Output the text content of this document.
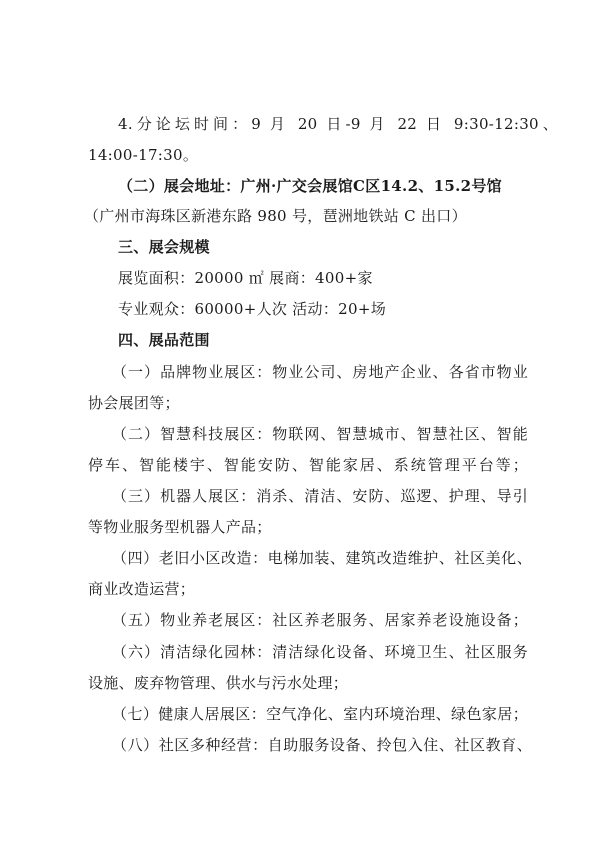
4.分论坛时间：9 月 20 日-9 月 22 日 9:30-12:30、
14:00-17:30。
（二）展会地址：广州·广交会展馆C区14.2、15.2号馆
（广州市海珠区新港东路 980 号，琶洲地铁站 C 出口）
三、展会规模
展览面积：20000 ㎡ 展商：400+家
专业观众：60000+人次 活动：20+场
四、展品范围
（一）品牌物业展区：物业公司、房地产企业、各省市物业
协会展团等；
（二）智慧科技展区：物联网、智慧城市、智慧社区、智能
停车、智能楼宇、智能安防、智能家居、系统管理平台等；
（三）机器人展区：消杀、清洁、安防、巡逻、护理、导引
等物业服务型机器人产品；
（四）老旧小区改造：电梯加装、建筑改造维护、社区美化、
商业改造运营；
（五）物业养老展区：社区养老服务、居家养老设施设备；
（六）清洁绿化园林：清洁绿化设备、环境卫生、社区服务
设施、废弃物管理、供水与污水处理；
（七）健康人居展区：空气净化、室内环境治理、绿色家居；
（八）社区多种经营：自助服务设备、拎包入住、社区教育、
